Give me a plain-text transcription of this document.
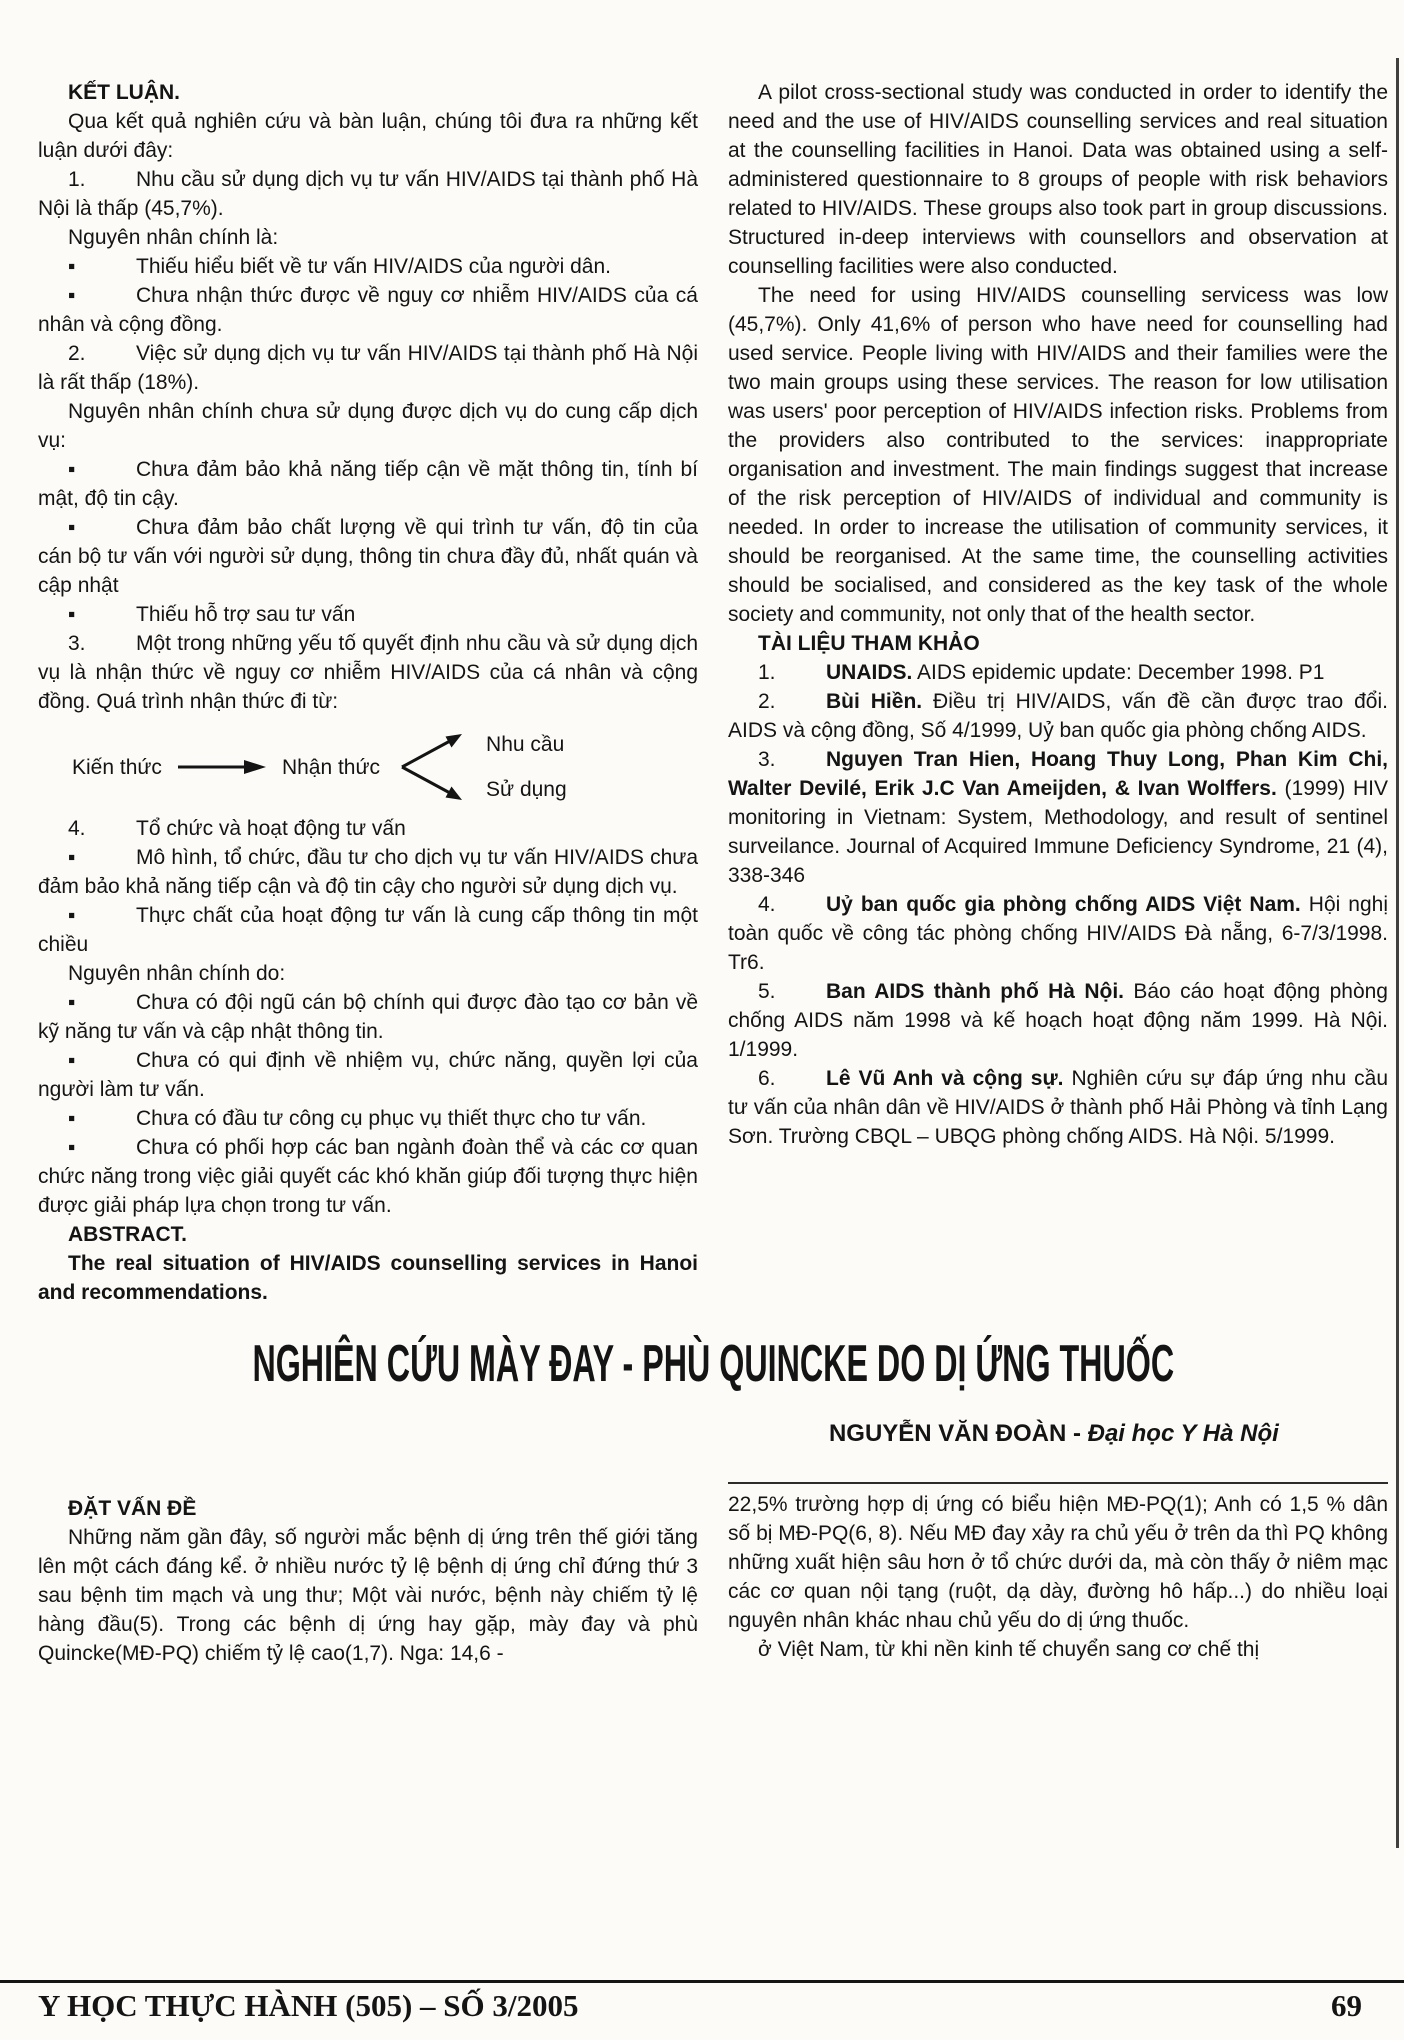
KẾT LUẬN.

Qua kết quả nghiên cứu và bàn luận, chúng tôi đưa ra những kết luận dưới đây:

1. Nhu cầu sử dụng dịch vụ tư vấn HIV/AIDS tại thành phố Hà Nội là thấp (45,7%).

Nguyên nhân chính là:

▪	Thiếu hiểu biết về tư vấn HIV/AIDS của người dân.

▪	Chưa nhận thức được về nguy cơ nhiễm HIV/AIDS của cá nhân và cộng đồng.

2. Việc sử dụng dịch vụ tư vấn HIV/AIDS tại thành phố Hà Nội là rất thấp (18%).

Nguyên nhân chính chưa sử dụng được dịch vụ do cung cấp dịch vụ:

▪	Chưa đảm bảo khả năng tiếp cận về mặt thông tin, tính bí mật, độ tin cậy.

▪	Chưa đảm bảo chất lượng về qui trình tư vấn, độ tin của cán bộ tư vấn với người sử dụng, thông tin chưa đầy đủ, nhất quán và cập nhật

▪	Thiếu hỗ trợ sau tư vấn

3. Một trong những yếu tố quyết định nhu cầu và sử dụng dịch vụ là nhận thức về nguy cơ nhiễm HIV/AIDS của cá nhân và cộng đồng. Quá trình nhận thức đi từ:

Kiến thức	Nhận thức
Nhu cầu
Sử dụng

4. Tổ chức và hoạt động tư vấn

▪	Mô hình, tổ chức, đầu tư cho dịch vụ tư vấn HIV/AIDS chưa đảm bảo khả năng tiếp cận và độ tin cậy cho người sử dụng dịch vụ.

▪	Thực chất của hoạt động tư vấn là cung cấp thông tin một chiều

Nguyên nhân chính do:

▪	Chưa có đội ngũ cán bộ chính qui được đào tạo cơ bản về kỹ năng tư vấn và cập nhật thông tin.

▪	Chưa có qui định về nhiệm vụ, chức năng, quyền lợi của người làm tư vấn.

▪	Chưa có đầu tư công cụ phục vụ thiết thực cho tư vấn.

▪	Chưa có phối hợp các ban ngành đoàn thể và các cơ quan chức năng trong việc giải quyết các khó khăn giúp đối tượng thực hiện được giải pháp lựa chọn trong tư vấn.

ABSTRACT.

The real situation of HIV/AIDS counselling services in Hanoi and recommendations.

A pilot cross-sectional study was conducted in order to identify the need and the use of HIV/AIDS counselling services and real situation at the counselling facilities in Hanoi. Data was obtained using a self-administered questionnaire to 8 groups of people with risk behaviors related to HIV/AIDS. These groups also took part in group discussions. Structured in-deep interviews with counsellors and observation at counselling facilities were also conducted.

The need for using HIV/AIDS counselling servicess was low (45,7%). Only 41,6% of person who have need for counselling had used service. People living with HIV/AIDS and their families were the two main groups using these services. The reason for low utilisation was users' poor perception of HIV/AIDS infection risks. Problems from the providers also contributed to the services: inappropriate organisation and investment. The main findings suggest that increase of the risk perception of HIV/AIDS of individual and community is needed. In order to increase the utilisation of community services, it should be reorganised. At the same time, the counselling activities should be socialised, and considered as the key task of the whole society and community, not only that of the health sector.

TÀI LIỆU THAM KHẢO

1. UNAIDS. AIDS epidemic update: December 1998. P1

2. Bùi Hiền. Điều trị HIV/AIDS, vấn đề cần được trao đổi. AIDS và cộng đồng, Số 4/1999, Uỷ ban quốc gia phòng chống AIDS.

3. Nguyen Tran Hien, Hoang Thuy Long, Phan Kim Chi, Walter Devilé, Erik J.C Van Ameijden, & Ivan Wolffers. (1999) HIV monitoring in Vietnam: System, Methodology, and result of sentinel surveilance. Journal of Acquired Immune Deficiency Syndrome, 21 (4), 338-346

4. Uỷ ban quốc gia phòng chống AIDS Việt Nam. Hội nghị toàn quốc về công tác phòng chống HIV/AIDS Đà nẵng, 6-7/3/1998. Tr6.

5. Ban AIDS thành phố Hà Nội. Báo cáo hoạt động phòng chống AIDS năm 1998 và kế hoạch hoạt động năm 1999. Hà Nội. 1/1999.

6. Lê Vũ Anh và cộng sự. Nghiên cứu sự đáp ứng nhu cầu tư vấn của nhân dân về HIV/AIDS ở thành phố Hải Phòng và tỉnh Lạng Sơn. Trường CBQL – UBQG phòng chống AIDS. Hà Nội. 5/1999.

NGHIÊN CỨU MÀY ĐAY - PHÙ QUINCKE DO DỊ ỨNG THUỐC
NGUYỄN VĂN ĐOÀN - Đại học Y Hà Nội

ĐẶT VẤN ĐỀ

Những năm gần đây, số người mắc bệnh dị ứng trên thế giới tăng lên một cách đáng kể. ở nhiều nước tỷ lệ bệnh dị ứng chỉ đứng thứ 3 sau bệnh tim mạch và ung thư; Một vài nước, bệnh này chiếm tỷ lệ hàng đầu(5). Trong các bệnh dị ứng hay gặp, mày đay và phù Quincke(MĐ-PQ) chiếm tỷ lệ cao(1,7). Nga: 14,6 -

22,5% trường hợp dị ứng có biểu hiện MĐ-PQ(1); Anh có 1,5 % dân số bị MĐ-PQ(6, 8). Nếu MĐ đay xảy ra chủ yếu ở trên da thì PQ không những xuất hiện sâu hơn ở tổ chức dưới da, mà còn thấy ở niêm mạc các cơ quan nội tạng (ruột, dạ dày, đường hô hấp...) do nhiều loại nguyên nhân khác nhau chủ yếu do dị ứng thuốc.

ở Việt Nam, từ khi nền kinh tế chuyển sang cơ chế thị

Y HỌC THỰC HÀNH (505) – SỐ 3/2005	69
